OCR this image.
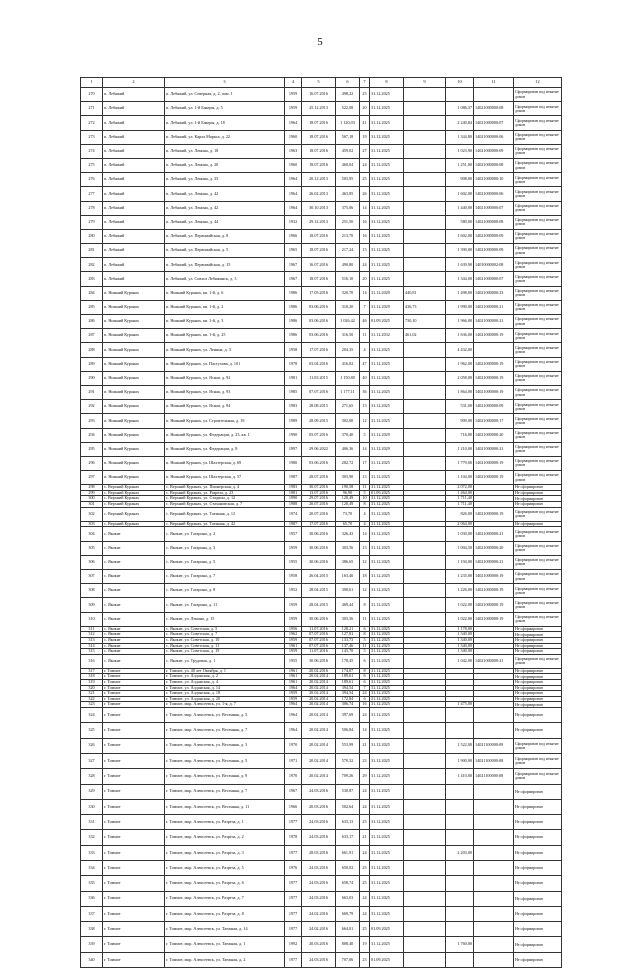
5
1	2	3	4	5	6	7	8	9	10	11	12
270	п. Лебяжий	п. Лебяжий, ул. Северная, д. 2, пом. 1	1959	16.07.2016	498,22	25	31.12.2025				Сформирован под изъятие домов
271	п. Лебяжий	п. Лебяжий, ул. 1-й Бакеры, д. 5	1959	25.12.2013	522,08	20	31.12.2025		1 086,37	14021000000:08	Сформирован под изъятие домов
272	п. Лебяжий	п. Лебяжий, ул. 1-й Бакеры, д. 18	1964	18.07.2016	1 120,03	41	31.12.2025		2 240,84	14021000000:07	Сформирован под изъятие домов
273	п. Лебяжий	п. Лебяжий, ул. Карла Маркса, д. 22	1960	18.07.2016	567,18	19	31.12.2025		1 344,80	14021000000:06	Сформирован под изъятие домов
274	п. Лебяжий	п. Лебяжий, ул. Ленина, д. 18	1963	18.07.2016	459,02	27	31.12.2025		1 023,90	14021000000:09	Сформирован под изъятие домов
275	п. Лебяжий	п. Лебяжий, ул. Ленина, д. 20	1960	18.07.2016	460,04	24	31.12.2025		1 251,00	14021000000:08	Сформирован под изъятие домов
276	п. Лебяжий	п. Лебяжий, ул. Ленина, д. 35	1964	20.12.2013	503,95	25	31.12.2025		908,00	14021000000:10	Сформирован под изъятие домов
277	п. Лебяжий	п. Лебяжий, ул. Ленина, д. 42	1964	26.02.2013	463,85	26	31.12.2025		1 602,00	14021000000:06	Сформирован под изъятие домов
278	п. Лебяжий	п. Лебяжий, ул. Ленина, д. 42	1964	30.10.2013	375,06	14	31.12.2025		1 440,00	14021000000:07	Сформирован под изъятие домов
279	п. Лебяжий	п. Лебяжий, ул. Ленина, д. 44	1932	29.12.2013	251,50	16	31.12.2025		580,00	14021000000:08	Сформирован под изъятие домов
280	п. Лебяжий	п. Лебяжий, ул. Первомайская, д. 8	1966	18.07.2016	213,70	16	31.12.2025		1 602,00	14021000000:09	Сформирован под изъятие домов
281	п. Лебяжий	п. Лебяжий, ул. Первомайская, д. 5	1965	18.07.2016	217,24	15	31.12.2025		1 390,00	14021000000:09	Сформирован под изъятие домов
282	п. Лебяжий	п. Лебяжий, ул. Первомайская, д. 15	1967	16.07.2016	490,80	24	31.12.2025		1 639,90	14010000002:08	Сформирован под изъятие домов
283	п. Лебяжий	п. Лебяжий, ул. Совхоз Лебяжинск, д. 3	1967	18.07.2016	516,10	20	31.12.2025		1 344,00	14021000000:07	Сформирован под изъятие домов
284	п. Нижний Куранах	п. Нижний Куранах, кв. 1-й, д. 6	1986	17.05.2016	320,70	14	31.12.2029	440,81	1 498,00	14021000000:23	Сформирован под изъятие домов
285	п. Нижний Куранах	п. Нижний Куранах, кв. 1-й, д. 2	1986	03.06.2016	310,20	7	31.12.2029	436,73	1 990,00	14021000000:21	Сформирован под изъятие домов
286	п. Нижний Куранах	п. Нижний Куранах, кв. 1-й, д. 3	1986	03.06.2016	1 026,42	46	01.09.2025	730,10	1 966,00	14021000000:21	Сформирован под изъятие домов
287	п. Нижний Куранах	п. Нижний Куранах, кв. 1-й, д. 25	1986	03.06.2016	316,50	11	31.12.2032	461,02	1 636,00	14021000000:19	Сформирован под изъятие домов
288	п. Нижний Куранах	п. Нижний Куранах, ул. Ленина, д. 3	1958	17.07.2016	204,35	4	31.12.2025		4 432,00		Сформирован под изъятие домов
289	п. Нижний Куранах	п. Нижний Куранах, ул. Пастухова, д. 101	1978	03.04.2016	416,82	47	31.12.2025		1 962,00	14021000000:19	Сформирован под изъятие домов
290	п. Нижний Куранах	п. Нижний Куранах, ул. Ясная, д. 92	1981	11.03.2015	1 150,80	40	31.12.2025		2 058,00	14021000000:19	Сформирован под изъятие домов
291	п. Нижний Куранах	п. Нижний Куранах, ул. Ясная, д. 93	1985	07.07.2016	1 177,11	36	31.12.2025		1 864,00	14021000000:19	Сформирован под изъятие домов
292	п. Нижний Куранах	п. Нижний Куранах, ул. Ясная, д. 94	1983	28.08.2015	271,65	15	31.12.2025		531,00	14021000000:09	Сформирован под изъятие домов
293	п. Нижний Куранах	п. Нижний Куранах, ул. Строительная, д. 18	1989	28.09.2015	302,00	12	31.12.2025		909,00	14021000000:17	Сформирован под изъятие домов
294	п. Нижний Куранах	п. Нижний Куранах, ул. Федерации, д. 23, кв. 1	1990	05.07.2016	370,40	5	31.12.2029		716,00	14021000000:20	Сформирован под изъятие домов
295	п. Нижний Куранах	п. Нижний Куранах, ул. Федерации, д. 8	1997	29.06.2022	406,36	14	31.12.2029		1 210,00	14021000000:21	Сформирован под изъятие домов
296	п. Нижний Куранах	п. Нижний Куранах, ул. Шахтерская, д. 69	1980	03.06.2016	282,72	17	31.12.2025		1 779,00	14021000000:19	Сформирован под изъятие домов
297	п. Нижний Куранах	п. Нижний Куранах, ул. Шахтерская, д. 57	1987	28.07.2016	303,90	13	31.12.2025		1 104,00	14021000000:19	Сформирован под изъятие домов
298	с. Верхний Куранах	с. Верхний Куранах, ул. Пионерская, д. 4	1983	30.07.2016	190,58	11	31.12.2025		2 072,00		Не сформирован
299	с. Верхний Куранах	с. Верхний Куранах, ул. Разреза, д. 23	1981	13.07.2016	96,90	5	01.09.2025		1 464,00		Не сформирован
300	с. Верхний Куранах	с. Верхний Куранах, ул. Стадион, д. 12	1990	29.07.2016	120,49	10	31.12.2025		1 711,40		Не сформирован
301	с. Верхний Куранах	с. Верхний Куранах, ул. Стахановская, д. 7	1988	20.07.2016	120,49	8	31.12.2025		1 711,40		Не сформирован
302	с. Верхний Куранах	с. Верхний Куранах, ул. Таежная, д. 12	1974	20.07.2016	73,70	4	31.12.2025		826,00	14021000000:19	Сформирован под изъятие домов
303	с. Верхний Куранах	с. Верхний Куранах, ул. Таежная, д. 42	1987	17.07.2016	65,70	4	31.12.2025		2 064,00		Не сформирован
304	с. Якокит	с. Якокит, ул. Гагарина, д. 2	1957	30.06.2016	326,43	14	31.12.2025		1 030,00	14021000000:21	Сформирован под изъятие домов
305	с. Якокит	с. Якокит, ул. Гагарина, д. 3	1959	30.06.2016	303,56	13	31.12.2025		1 004,50	14021000000:20	Сформирован под изъятие домов
306	с. Якокит	с. Якокит, ул. Гагарина, д. 5	1955	30.06.2016	386,65	12	31.12.2025		1 194,00	14021000000:21	Сформирован под изъятие домов
307	с. Якокит	с. Якокит, ул. Гагарина, д. 7	1958	26.04.2015	163,40	18	31.12.2025		1 235,00	14021000000:19	Сформирован под изъятие домов
308	с. Якокит	с. Якокит, ул. Гагарина, д. 8	1952	28.04.2015	308,61	12	31.12.2025		1 226,00	14021000000:19	Сформирован под изъятие домов
309	с. Якокит	с. Якокит, ул. Гагарина, д. 11	1959	28.04.2015	469,44	8	31.12.2025		1 022,00	14021000000:19	Сформирован под изъятие домов
310	с. Якокит	с. Якокит, ул. Ленина, д. 15	1959	30.06.2016	303,56	11	31.12.2025		1 022,00	14021000000:19	Сформирован под изъятие домов
311	с. Якокит	с. Якокит, ул. Советская, д. 5	1956	11.07.2016	128,21	6	31.12.2025		1 178,00		Не сформирован
312	с. Якокит	с. Якокит, ул. Советская, д. 7	1962	07.07.2016	127,81	8	31.12.2025		1 340,00		Не сформирован
313	с. Якокит	с. Якокит, ул. Советская, д. 10	1959	07.07.2016	133,73	5	31.12.2025		1 340,00		Не сформирован
314	с. Якокит	с. Якокит, ул. Советская, д. 11	1961	07.07.2016	137,46	11	31.12.2025		1 340,00		Не сформирован
315	с. Якокит	с. Якокит, ул. Советская, д. 19	1959	11.07.2016	143,70	5	31.12.2025		1 340,00		Не сформирован
316	с. Якокит	с. Якокит, ул. Трудовая, д. 1	1955	30.06.2016	178,45	6	31.12.2025		1 042,00	14021000000:21	Сформирован под изъятие домов
317	г. Томмот	г. Томмот, ул. 40 лет Октября, д. 1	1961	20.02.2016	174,07	8	31.12.2025				Не сформирован
318	г. Томмот	г. Томмот, ул. Алданская, д. 2	1961	20.02.2014	189,61	6	31.12.2025				Не сформирован
319	г. Томмот	г. Томмот, ул. Алданская, д. 4	1961	20.02.2014	189,61	6	31.12.2025				Не сформирован
320	г. Томмот	г. Томмот, ул. Алданская, д. 14	1964	20.02.2014	394,54	7	31.12.2025				Не сформирован
321	г. Томмот	г. Томмот, ул. Алданская, д. 18	1959	20.02.2014	394,54	24	31.12.2025				Не сформирован
322	г. Томмот	г. Томмот, ул. Алданская, д. 20	1959	20.02.2014	172,84	6	31.12.2025				Не сформирован
323	г. Томмот	г. Томмот, мкр. Алексеевск, ул. 1-я, д. 7	1964	20.02.2014	306,74	16	31.12.2025		1 475,00		Не сформирован
324	г. Томмот	г. Томмот, мкр. Алексеевск, ул. Весенняя, д. 5	1964	20.02.2014	397,69	24	31.12.2025				Не сформирован
325	г. Томмот	г. Томмот, мкр. Алексеевск, ул. Весенняя, д. 7	1964	20.02.2014	506,84	14	31.12.2025				Не сформирован
326	г. Томмот	г. Томмот, мкр. Алексеевск, ул. Весенняя, д. 3	1970	20.02.2014	553,99	21	31.12.2025		1 522,00	14021100000:09	Сформирован под изъятие домов
327	г. Томмот	г. Томмот, мкр. Алексеевск, ул. Весенняя, д. 5	1971	20.02.2014	570,32	23	31.12.2025		1 900,00	14021100000:08	Сформирован под изъятие домов
328	г. Томмот	г. Томмот, мкр. Алексеевск, ул. Весенняя, д. 9	1970	20.02.2014	709,26	29	31.12.2025		1 410,00	14021100000:08	Сформирован под изъятие домов
329	г. Томмот	г. Томмот, мкр. Алексеевск, ул. Весенняя, д. 7	1967	24.03.2016	530,87	24	31.12.2025				Не сформирован
330	г. Томмот	г. Томмот, мкр. Алексеевск, ул. Весенняя, д. 11	1966	20.03.2016	502,64	24	31.12.2025				Не сформирован
331	г. Томмот	г. Томмот, мкр. Алексеевск, ул. Разреза, д. 1	1977	24.03.2016	633,13	25	31.12.2025				Не сформирован
332	г. Томмот	г. Томмот, мкр. Алексеевск, ул. Разреза, д. 2	1978	24.03.2016	633,17	21	31.12.2025				Не сформирован
333	г. Томмот	г. Томмот, мкр. Алексеевск, ул. Разреза, д. 3	1977	28.03.2016	661,91	24	31.12.2025		2 203,00		Не сформирован
334	г. Томмот	г. Томмот, мкр. Алексеевск, ул. Разреза, д. 5	1976	24.03.2016	650,02	25	31.12.2025				Не сформирован
335	г. Томмот	г. Томмот, мкр. Алексеевск, ул. Разреза, д. 6	1977	24.03.2016	658,74	25	31.12.2025				Не сформирован
336	г. Томмот	г. Томмот, мкр. Алексеевск, ул. Разреза, д. 7	1977	24.03.2016	663,03	24	31.12.2025				Не сформирован
337	г. Томмот	г. Томмот, мкр. Алексеевск, ул. Разреза, д. 8	1977	24.02.2016	669,79	24	31.12.2025				Не сформирован
338	г. Томмот	г. Томмот, мкр. Алексеевск, ул. Таежная, д. 14	1977	24.02.2016	664,01	25	01.09.2025				Не сформирован
339	г. Томмот	г. Томмот, мкр. Алексеевск, ул. Таежная, д. 1	1992	20.03.2016	808,40	19	31.12.2025		1 760,00		Не сформирован
340	г. Томмот	г. Томмот, мкр. Алексеевск, ул. Таежная, д. 2	1977	24.03.2016	707,06	23	01.09.2025				Не сформирован
